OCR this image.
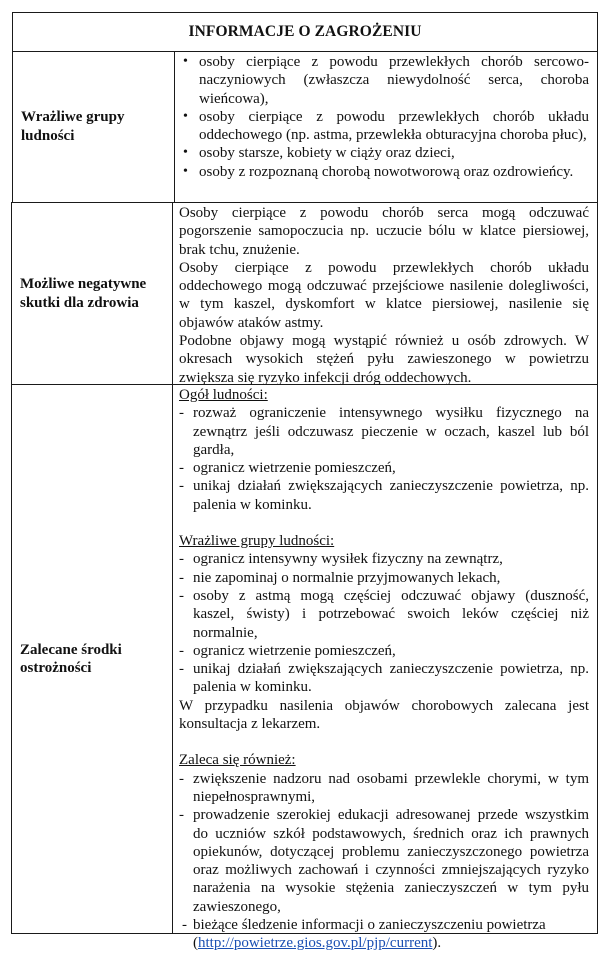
INFORMACJE O ZAGROŻENIU
Wrażliwe grupy ludności
• osoby cierpiące z powodu przewlekłych chorób sercowo-naczyniowych (zwłaszcza niewydolność serca, choroba wieńcowa),
• osoby cierpiące z powodu przewlekłych chorób układu oddechowego (np. astma, przewlekła obturacyjna choroba płuc),
• osoby starsze, kobiety w ciąży oraz dzieci,
• osoby z rozpoznaną chorobą nowotworową oraz ozdrowieńcy.
Możliwe negatywne skutki dla zdrowia

Osoby cierpiące z powodu chorób serca mogą odczuwać pogorszenie samopoczucia np. uczucie bólu w klatce piersiowej, brak tchu, znużenie.

Osoby cierpiące z powodu przewlekłych chorób układu oddechowego mogą odczuwać przejściowe nasilenie dolegliwości, w tym kaszel, dyskomfort w klatce piersiowej, nasilenie się objawów ataków astmy.

Podobne objawy mogą wystąpić również u osób zdrowych. W okresach wysokich stężeń pyłu zawieszonego w powietrzu zwiększa się ryzyko infekcji dróg oddechowych.

Zalecane środki ostrożności

Ogół ludności:

- rozważ ograniczenie intensywnego wysiłku fizycznego na zewnątrz jeśli odczuwasz pieczenie w oczach, kaszel lub ból gardła,
- ogranicz wietrzenie pomieszczeń,
- unikaj działań zwiększających zanieczyszczenie powietrza, np. palenia w kominku.

Wrażliwe grupy ludności:

- ogranicz intensywny wysiłek fizyczny na zewnątrz,
- nie zapominaj o normalnie przyjmowanych lekach,
- osoby z astmą mogą częściej odczuwać objawy (duszność, kaszel, świsty) i potrzebować swoich leków częściej niż normalnie,
- ogranicz wietrzenie pomieszczeń,
- unikaj działań zwiększających zanieczyszczenie powietrza, np. palenia w kominku.

W przypadku nasilenia objawów chorobowych zalecana jest konsultacja z lekarzem.

Zaleca się również:

- zwiększenie nadzoru nad osobami przewlekle chorymi, w tym niepełnosprawnymi,
- prowadzenie szerokiej edukacji adresowanej przede wszystkim do uczniów szkół podstawowych, średnich oraz ich prawnych opiekunów, dotyczącej problemu zanieczyszczonego powietrza oraz możliwych zachowań i czynności zmniejszających ryzyko narażenia na wysokie stężenia zanieczyszczeń w tym pyłu zawieszonego,
- bieżące śledzenie informacji o zanieczyszczeniu powietrza
(http://powietrze.gios.gov.pl/pjp/current).
